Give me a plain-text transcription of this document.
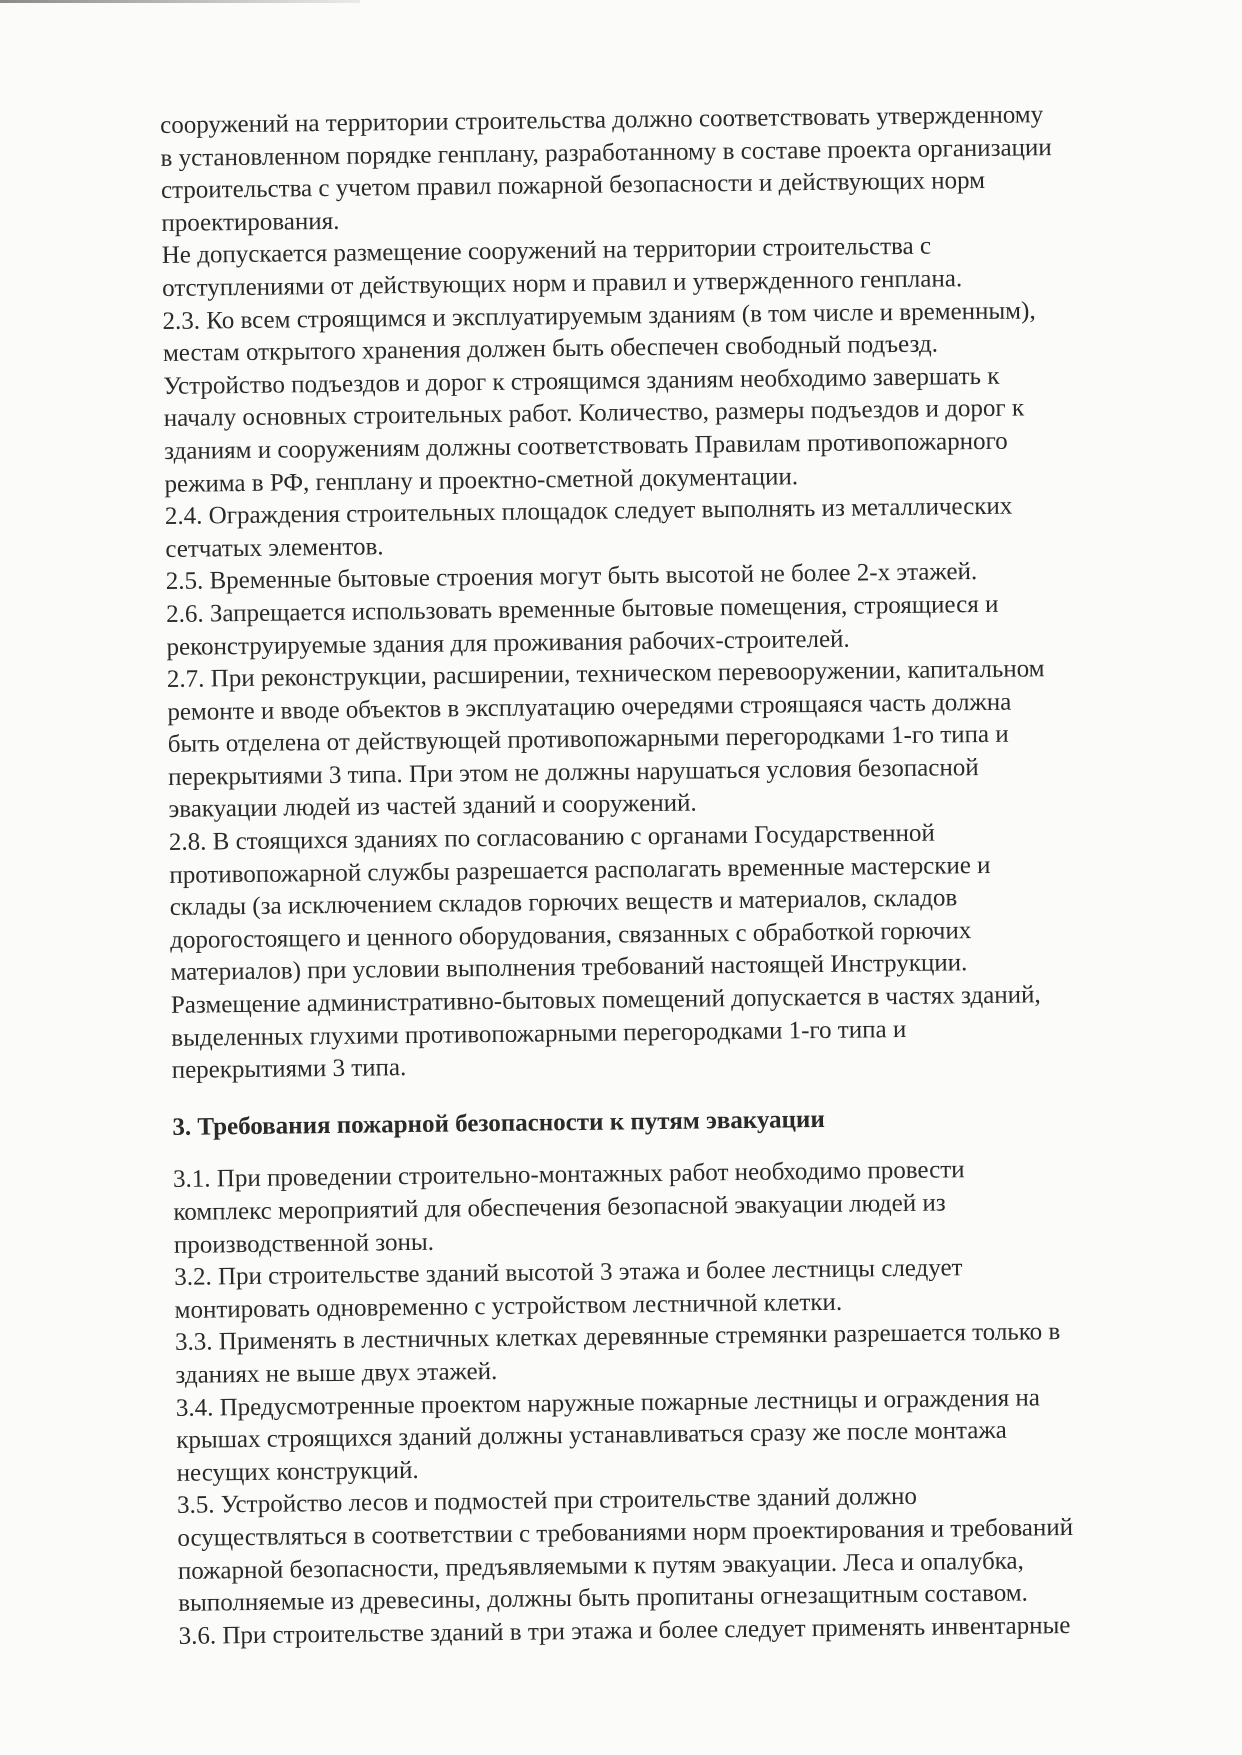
сооружений на территории строительства должно соответствовать утвержденному

в установленном порядке генплану, разработанному в составе проекта организации

строительства с учетом правил пожарной безопасности и действующих норм

проектирования.

Не допускается размещение сооружений на территории строительства с

отступлениями от действующих норм и правил и утвержденного генплана.

2.3. Ко всем строящимся и эксплуатируемым зданиям (в том числе и временным),

местам открытого хранения должен быть обеспечен свободный подъезд.

Устройство подъездов и дорог к строящимся зданиям необходимо завершать к

началу основных строительных работ. Количество, размеры подъездов и дорог к

зданиям и сооружениям должны соответствовать Правилам противопожарного

режима в РФ, генплану и проектно-сметной документации.

2.4. Ограждения строительных площадок следует выполнять из металлических

сетчатых элементов.

2.5. Временные бытовые строения могут быть высотой не более 2-х этажей.

2.6. Запрещается использовать временные бытовые помещения, строящиеся и

реконструируемые здания для проживания рабочих-строителей.

2.7. При реконструкции, расширении, техническом перевооружении, капитальном

ремонте и вводе объектов в эксплуатацию очередями строящаяся часть должна

быть отделена от действующей противопожарными перегородками 1-го типа и

перекрытиями 3 типа. При этом не должны нарушаться условия безопасной

эвакуации людей из частей зданий и сооружений.

2.8. В стоящихся зданиях по согласованию с органами Государственной

противопожарной службы разрешается располагать временные мастерские и

склады (за исключением складов горючих веществ и материалов, складов

дорогостоящего и ценного оборудования, связанных с обработкой горючих

материалов) при условии выполнения требований настоящей Инструкции.

Размещение административно-бытовых помещений допускается в частях зданий,

выделенных глухими противопожарными перегородками 1-го типа и

перекрытиями 3 типа.

3. Требования пожарной безопасности к путям эвакуации

3.1. При проведении строительно-монтажных работ необходимо провести

комплекс мероприятий для обеспечения безопасной эвакуации людей из

производственной зоны.

3.2. При строительстве зданий высотой 3 этажа и более лестницы следует

монтировать одновременно с устройством лестничной клетки.

3.3. Применять в лестничных клетках деревянные стремянки разрешается только в

зданиях не выше двух этажей.

3.4. Предусмотренные проектом наружные пожарные лестницы и ограждения на

крышах строящихся зданий должны устанавливаться сразу же после монтажа

несущих конструкций.

3.5. Устройство лесов и подмостей при строительстве зданий должно

осуществляться в соответствии с требованиями норм проектирования и требований

пожарной безопасности, предъявляемыми к путям эвакуации. Леса и опалубка,

выполняемые из древесины, должны быть пропитаны огнезащитным составом.

3.6. При строительстве зданий в три этажа и более следует применять инвентарные
